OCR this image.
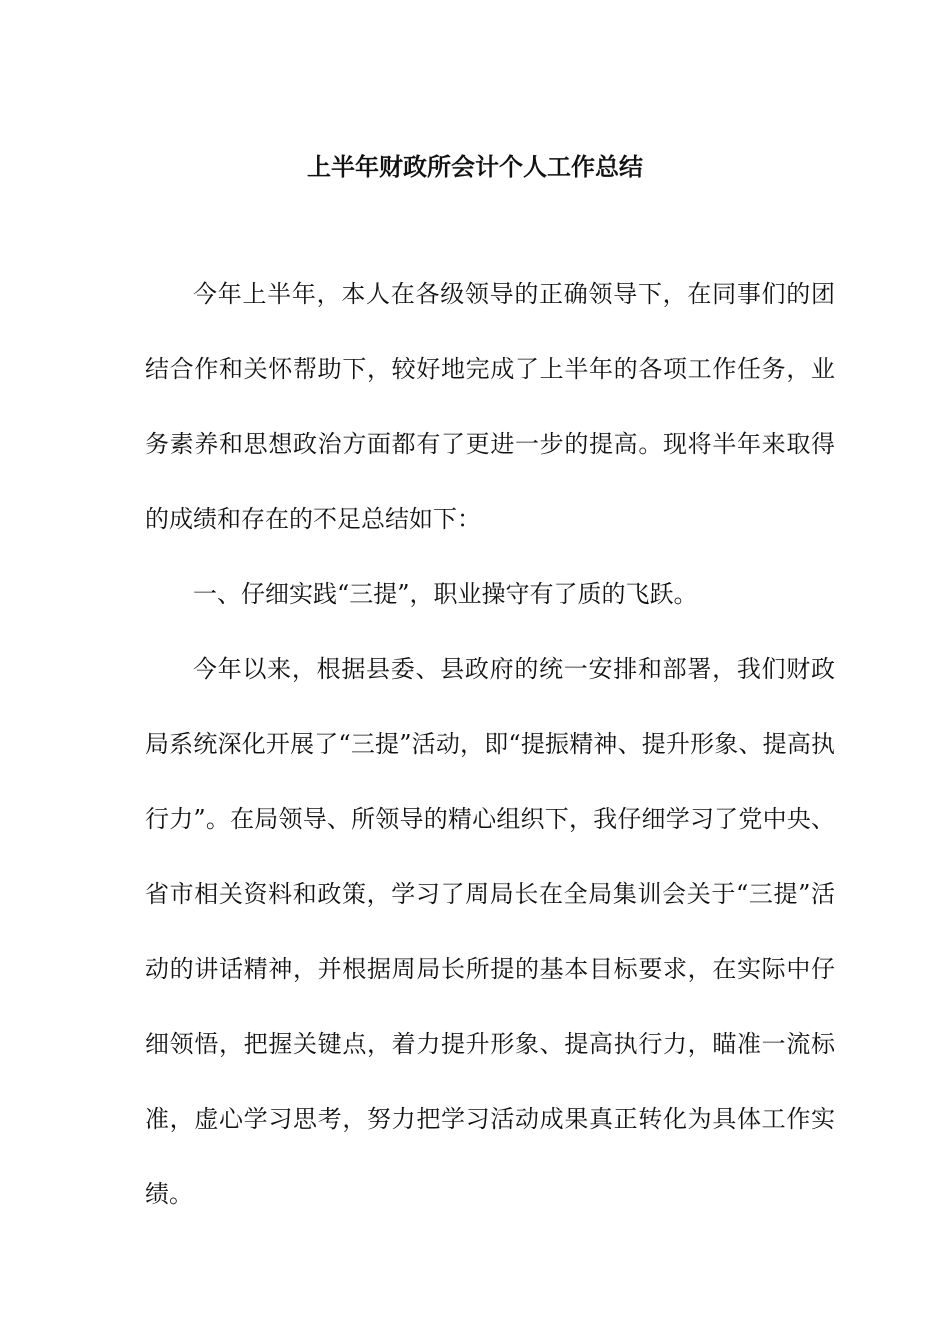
上半年财政所会计个人工作总结

今年上半年，本人在各级领导的正确领导下，在同事们的团结合作和关怀帮助下，较好地完成了上半年的各项工作任务，业务素养和思想政治方面都有了更进一步的提高。现将半年来取得的成绩和存在的不足总结如下：

一、仔细实践“三提”，职业操守有了质的飞跃。

今年以来，根据县委、县政府的统一安排和部署，我们财政局系统深化开展了“三提”活动，即“提振精神、提升形象、提高执行力”。在局领导、所领导的精心组织下，我仔细学习了党中央、省市相关资料和政策，学习了周局长在全局集训会关于“三提”活动的讲话精神，并根据周局长所提的基本目标要求，在实际中仔细领悟，把握关键点，着力提升形象、提高执行力，瞄准一流标准，虚心学习思考，努力把学习活动成果真正转化为具体工作实绩。
